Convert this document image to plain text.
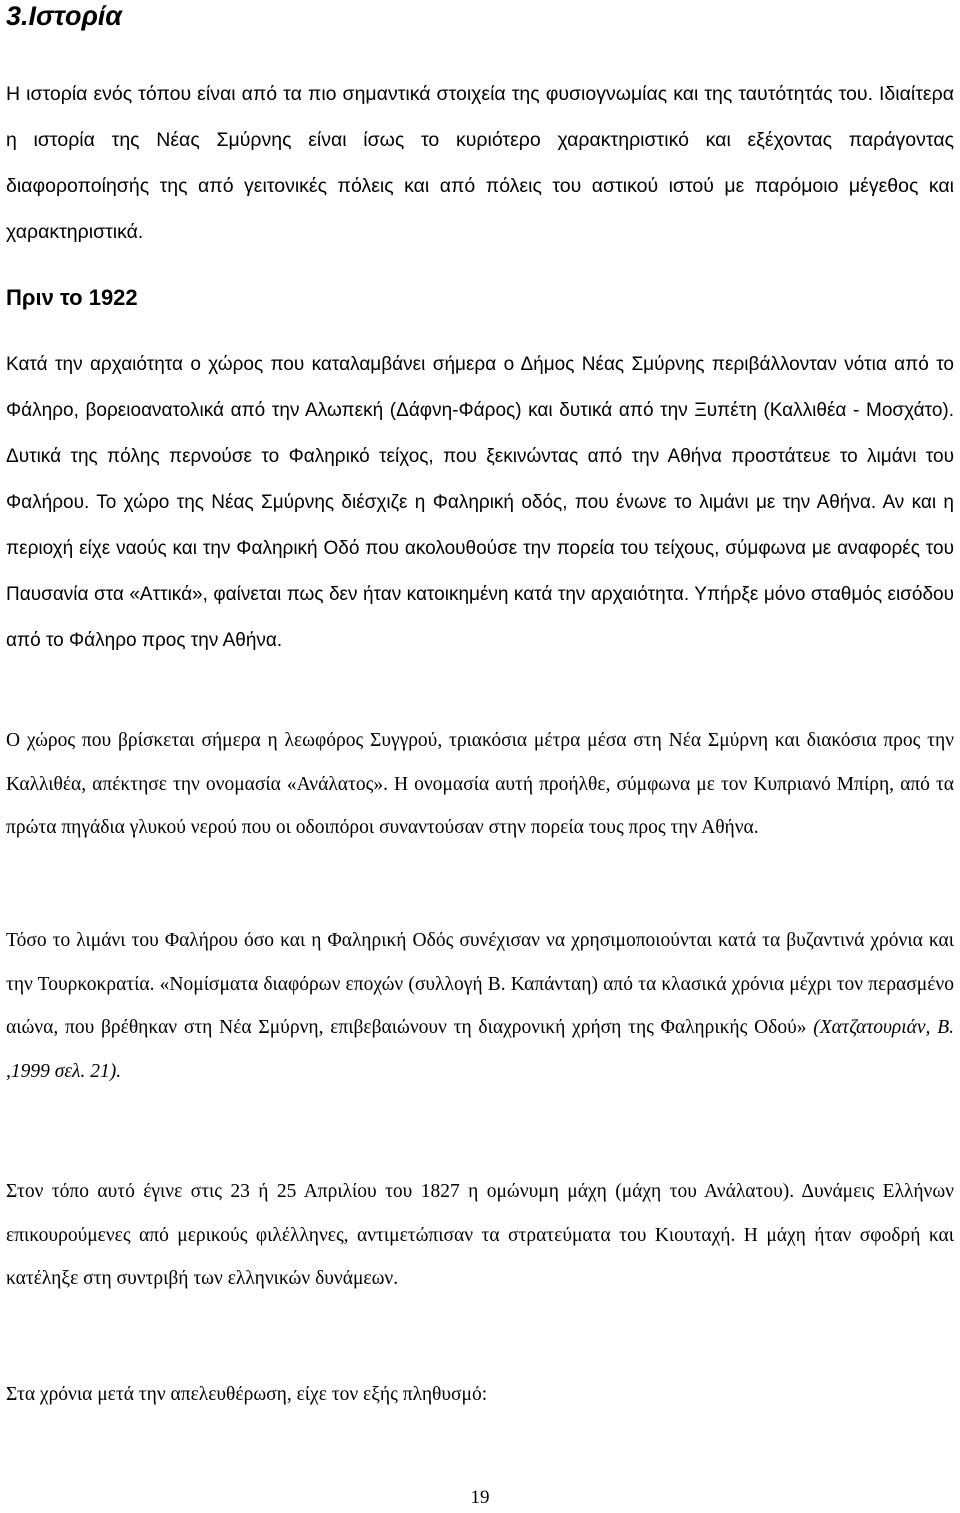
3.Ιστορία

Η ιστορία ενός τόπου είναι από τα πιο σημαντικά στοιχεία της φυσιογνωμίας και της ταυτότητάς του. Ιδιαίτερα η ιστορία της Νέας Σμύρνης είναι ίσως το κυριότερο χαρακτηριστικό και εξέχοντας παράγοντας διαφοροποίησής της από γειτονικές πόλεις και από πόλεις του αστικού ιστού με παρόμοιο μέγεθος και χαρακτηριστικά.

Πριν το 1922

Κατά την αρχαιότητα ο χώρος που καταλαμβάνει σήμερα ο Δήμος Νέας Σμύρνης περιβάλλονταν νότια από το Φάληρο, βορειοανατολικά από την Αλωπεκή (Δάφνη-Φάρος) και δυτικά από την Ξυπέτη (Καλλιθέα - Μοσχάτο). Δυτικά της πόλης περνούσε το Φαληρικό τείχος, που ξεκινώντας από την Αθήνα προστάτευε το λιμάνι του Φαλήρου. Το χώρο της Νέας Σμύρνης διέσχιζε η Φαληρική οδός, που ένωνε το λιμάνι με την Αθήνα. Αν και η περιοχή είχε ναούς και την Φαληρική Οδό που ακολουθούσε την πορεία του τείχους, σύμφωνα με αναφορές του Παυσανία στα «Αττικά», φαίνεται πως δεν ήταν κατοικημένη κατά την αρχαιότητα. Υπήρξε μόνο σταθμός εισόδου από το Φάληρο προς την Αθήνα.

Ο χώρος που βρίσκεται σήμερα η λεωφόρος Συγγρού, τριακόσια μέτρα μέσα στη Νέα Σμύρνη και διακόσια προς την Καλλιθέα, απέκτησε την ονομασία «Ανάλατος». Η ονομασία αυτή προήλθε, σύμφωνα με τον Κυπριανό Μπίρη, από τα πρώτα πηγάδια γλυκού νερού που οι οδοιπόροι συναντούσαν στην πορεία τους προς την Αθήνα.

Τόσο το λιμάνι του Φαλήρου όσο και η Φαληρική Οδός συνέχισαν να χρησιμοποιούνται κατά τα βυζαντινά χρόνια και την Τουρκοκρατία. «Νομίσματα διαφόρων εποχών (συλλογή Β. Καπάνταη) από τα κλασικά χρόνια μέχρι τον περασμένο αιώνα, που βρέθηκαν στη Νέα Σμύρνη, επιβεβαιώνουν τη διαχρονική χρήση της Φαληρικής Οδού» (Χατζατουριάν, Β. ,1999 σελ. 21).

Στον τόπο αυτό έγινε στις 23 ή 25 Απριλίου του 1827 η ομώνυμη μάχη (μάχη του Ανάλατου). Δυνάμεις Ελλήνων επικουρούμενες από μερικούς φιλέλληνες, αντιμετώπισαν τα στρατεύματα του Κιουταχή. Η μάχη ήταν σφοδρή και κατέληξε στη συντριβή των ελληνικών δυνάμεων.

Στα χρόνια μετά την απελευθέρωση, είχε τον εξής πληθυσμό:

19
